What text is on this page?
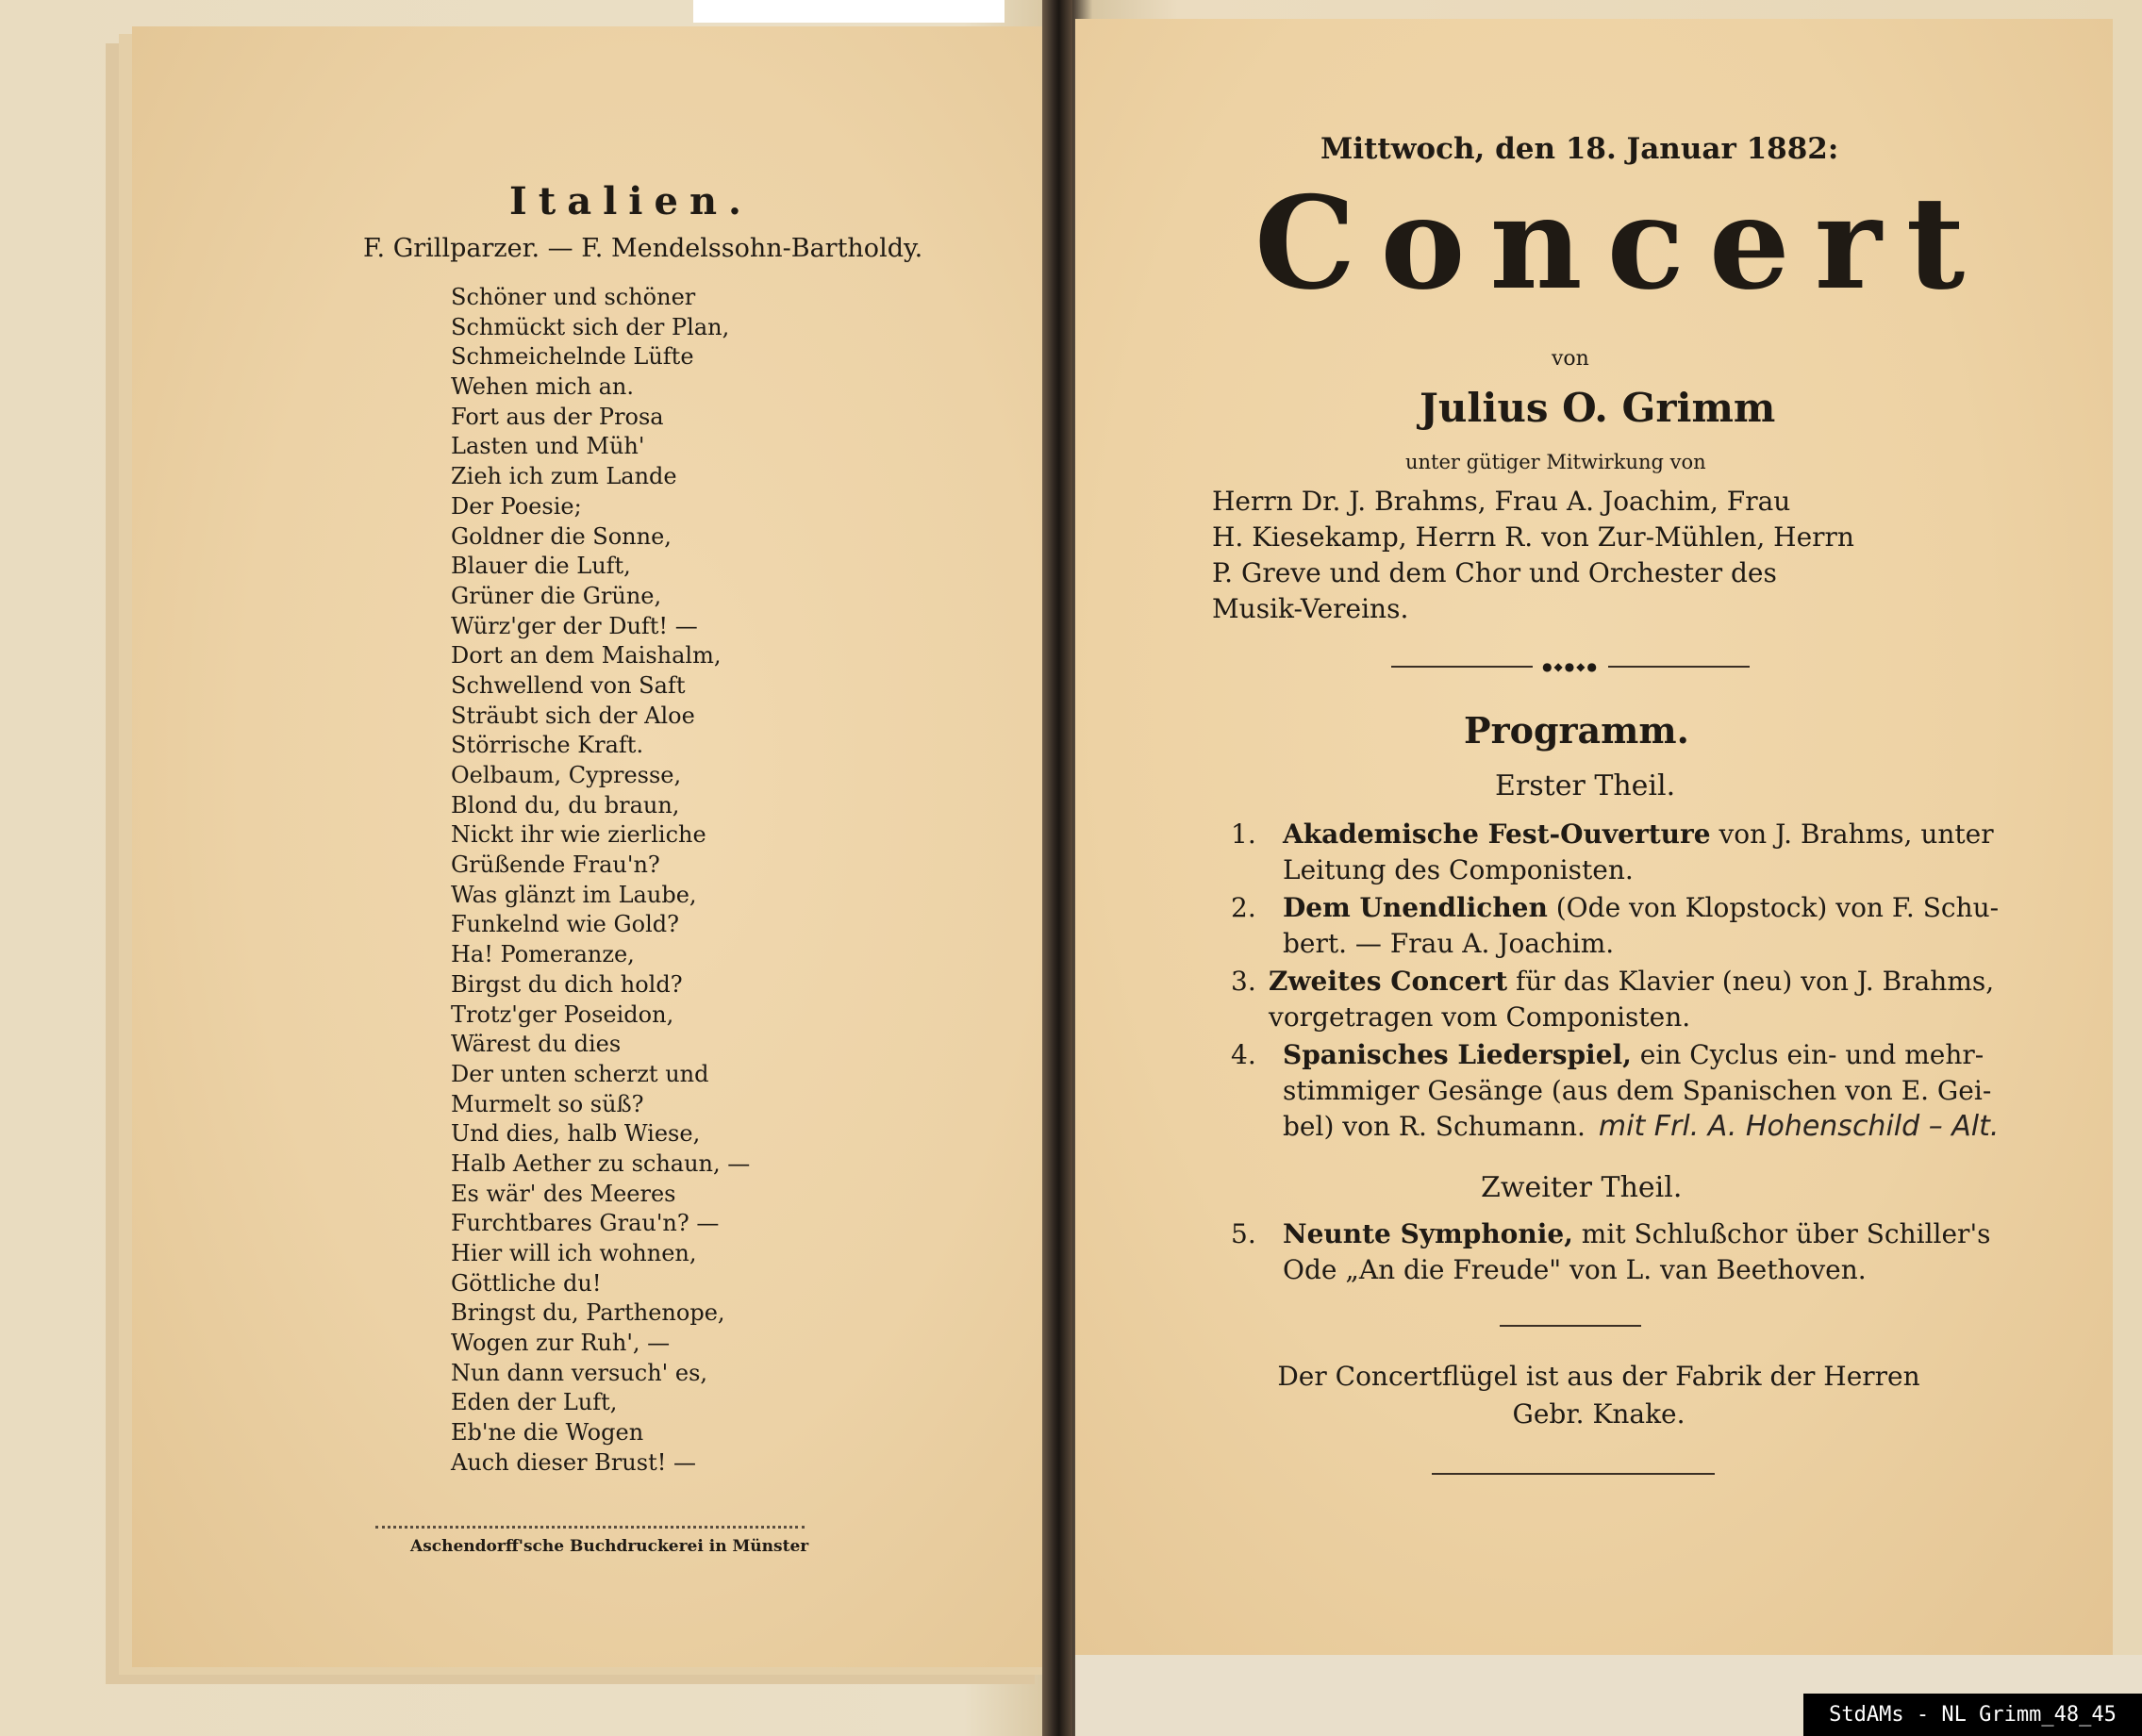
Italien.
F. Grillparzer. — F. Mendelssohn-Bartholdy.
Schöner und schöner
Schmückt sich der Plan,
Schmeichelnde Lüfte
Wehen mich an.
Fort aus der Prosa
Lasten und Müh'
Zieh ich zum Lande
Der Poesie;
Goldner die Sonne,
Blauer die Luft,
Grüner die Grüne,
Würz'ger der Duft! —
Dort an dem Maishalm,
Schwellend von Saft
Sträubt sich der Aloe
Störrische Kraft.
Oelbaum, Cypresse,
Blond du, du braun,
Nickt ihr wie zierliche
Grüßende Frau'n?
Was glänzt im Laube,
Funkelnd wie Gold?
Ha! Pomeranze,
Birgst du dich hold?
Trotz'ger Poseidon,
Wärest du dies
Der unten scherzt und
Murmelt so süß?
Und dies, halb Wiese,
Halb Aether zu schaun, —
Es wär' des Meeres
Furchtbares Grau'n? —
Hier will ich wohnen,
Göttliche du!
Bringst du, Parthenope,
Wogen zur Ruh', —
Nun dann versuch' es,
Eden der Luft,
Eb'ne die Wogen
Auch dieser Brust! —
Aschendorff'sche Buchdruckerei in Münster
Mittwoch, den 18. Januar 1882:
Concert
von
Julius O. Grimm
unter gütiger Mitwirkung von
Herrn Dr. J. Brahms, Frau A. Joachim, Frau
H. Kiesekamp, Herrn R. von Zur-Mühlen, Herrn
P. Greve und dem Chor und Orchester des
Musik-Vereins.
●◆●◆●
Programm.
Erster Theil.
1. Akademische Fest-Ouverture von J. Brahms, unter
Leitung des Componisten.
2. Dem Unendlichen (Ode von Klopstock) von F. Schu-
bert. — Frau A. Joachim.
3. Zweites Concert für das Klavier (neu) von J. Brahms,
vorgetragen vom Componisten.
4. Spanisches Liederspiel, ein Cyclus ein- und mehr-
stimmiger Gesänge (aus dem Spanischen von E. Gei-
bel) von R. Schumann. mit Frl. A. Hohenschild – Alt.
Zweiter Theil.
5. Neunte Symphonie, mit Schlußchor über Schiller's
Ode „An die Freude" von L. van Beethoven.
Der Concertflügel ist aus der Fabrik der Herren
Gebr. Knake.
StdAMs - NL Grimm_48_45
